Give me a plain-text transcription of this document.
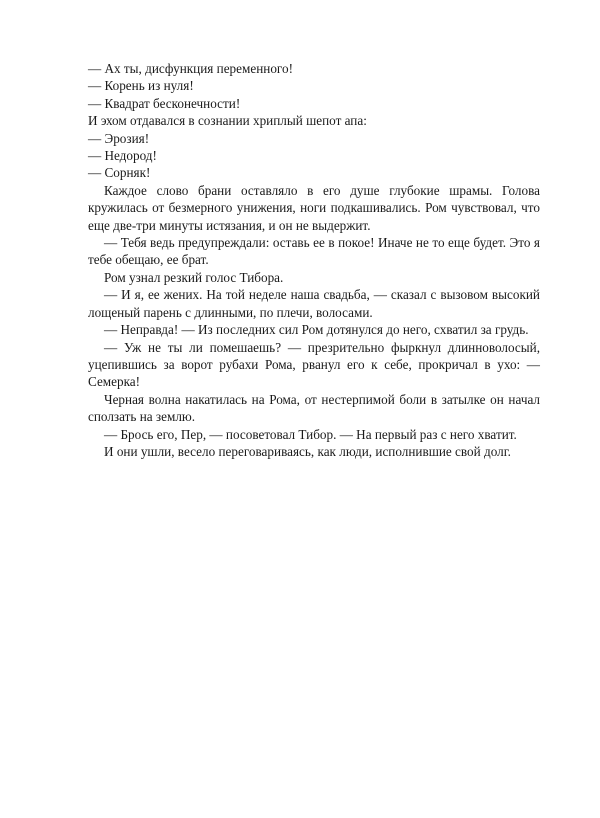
— Ах ты, дисфункция переменного!

— Корень из нуля!

— Квадрат бесконечности!

И эхом отдавался в сознании хриплый шепот апа:

— Эрозия!

— Недород!

— Сорняк!

Каждое слово брани оставляло в его душе глубокие шрамы. Голова кружилась от безмерного унижения, ноги подкашивались. Ром чувствовал, что еще две-три минуты истязания, и он не выдержит.

— Тебя ведь предупреждали: оставь ее в покое! Иначе не то еще будет. Это я тебе обещаю, ее брат.

Ром узнал резкий голос Тибора.

— И я, ее жених. На той неделе наша свадьба, — сказал с вызовом высокий лощеный парень с длинными, по плечи, волосами.

— Неправда! — Из последних сил Ром дотянулся до него, схватил за грудь.

— Уж не ты ли помешаешь? — презрительно фыркнул длинноволосый, уцепившись за ворот рубахи Рома, рванул его к себе, прокричал в ухо: — Семерка!

Черная волна накатилась на Рома, от нестерпимой боли в затылке он начал сползать на землю.

— Брось его, Пер, — посоветовал Тибор. — На первый раз с него хватит.

И они ушли, весело переговариваясь, как люди, исполнившие свой долг.
